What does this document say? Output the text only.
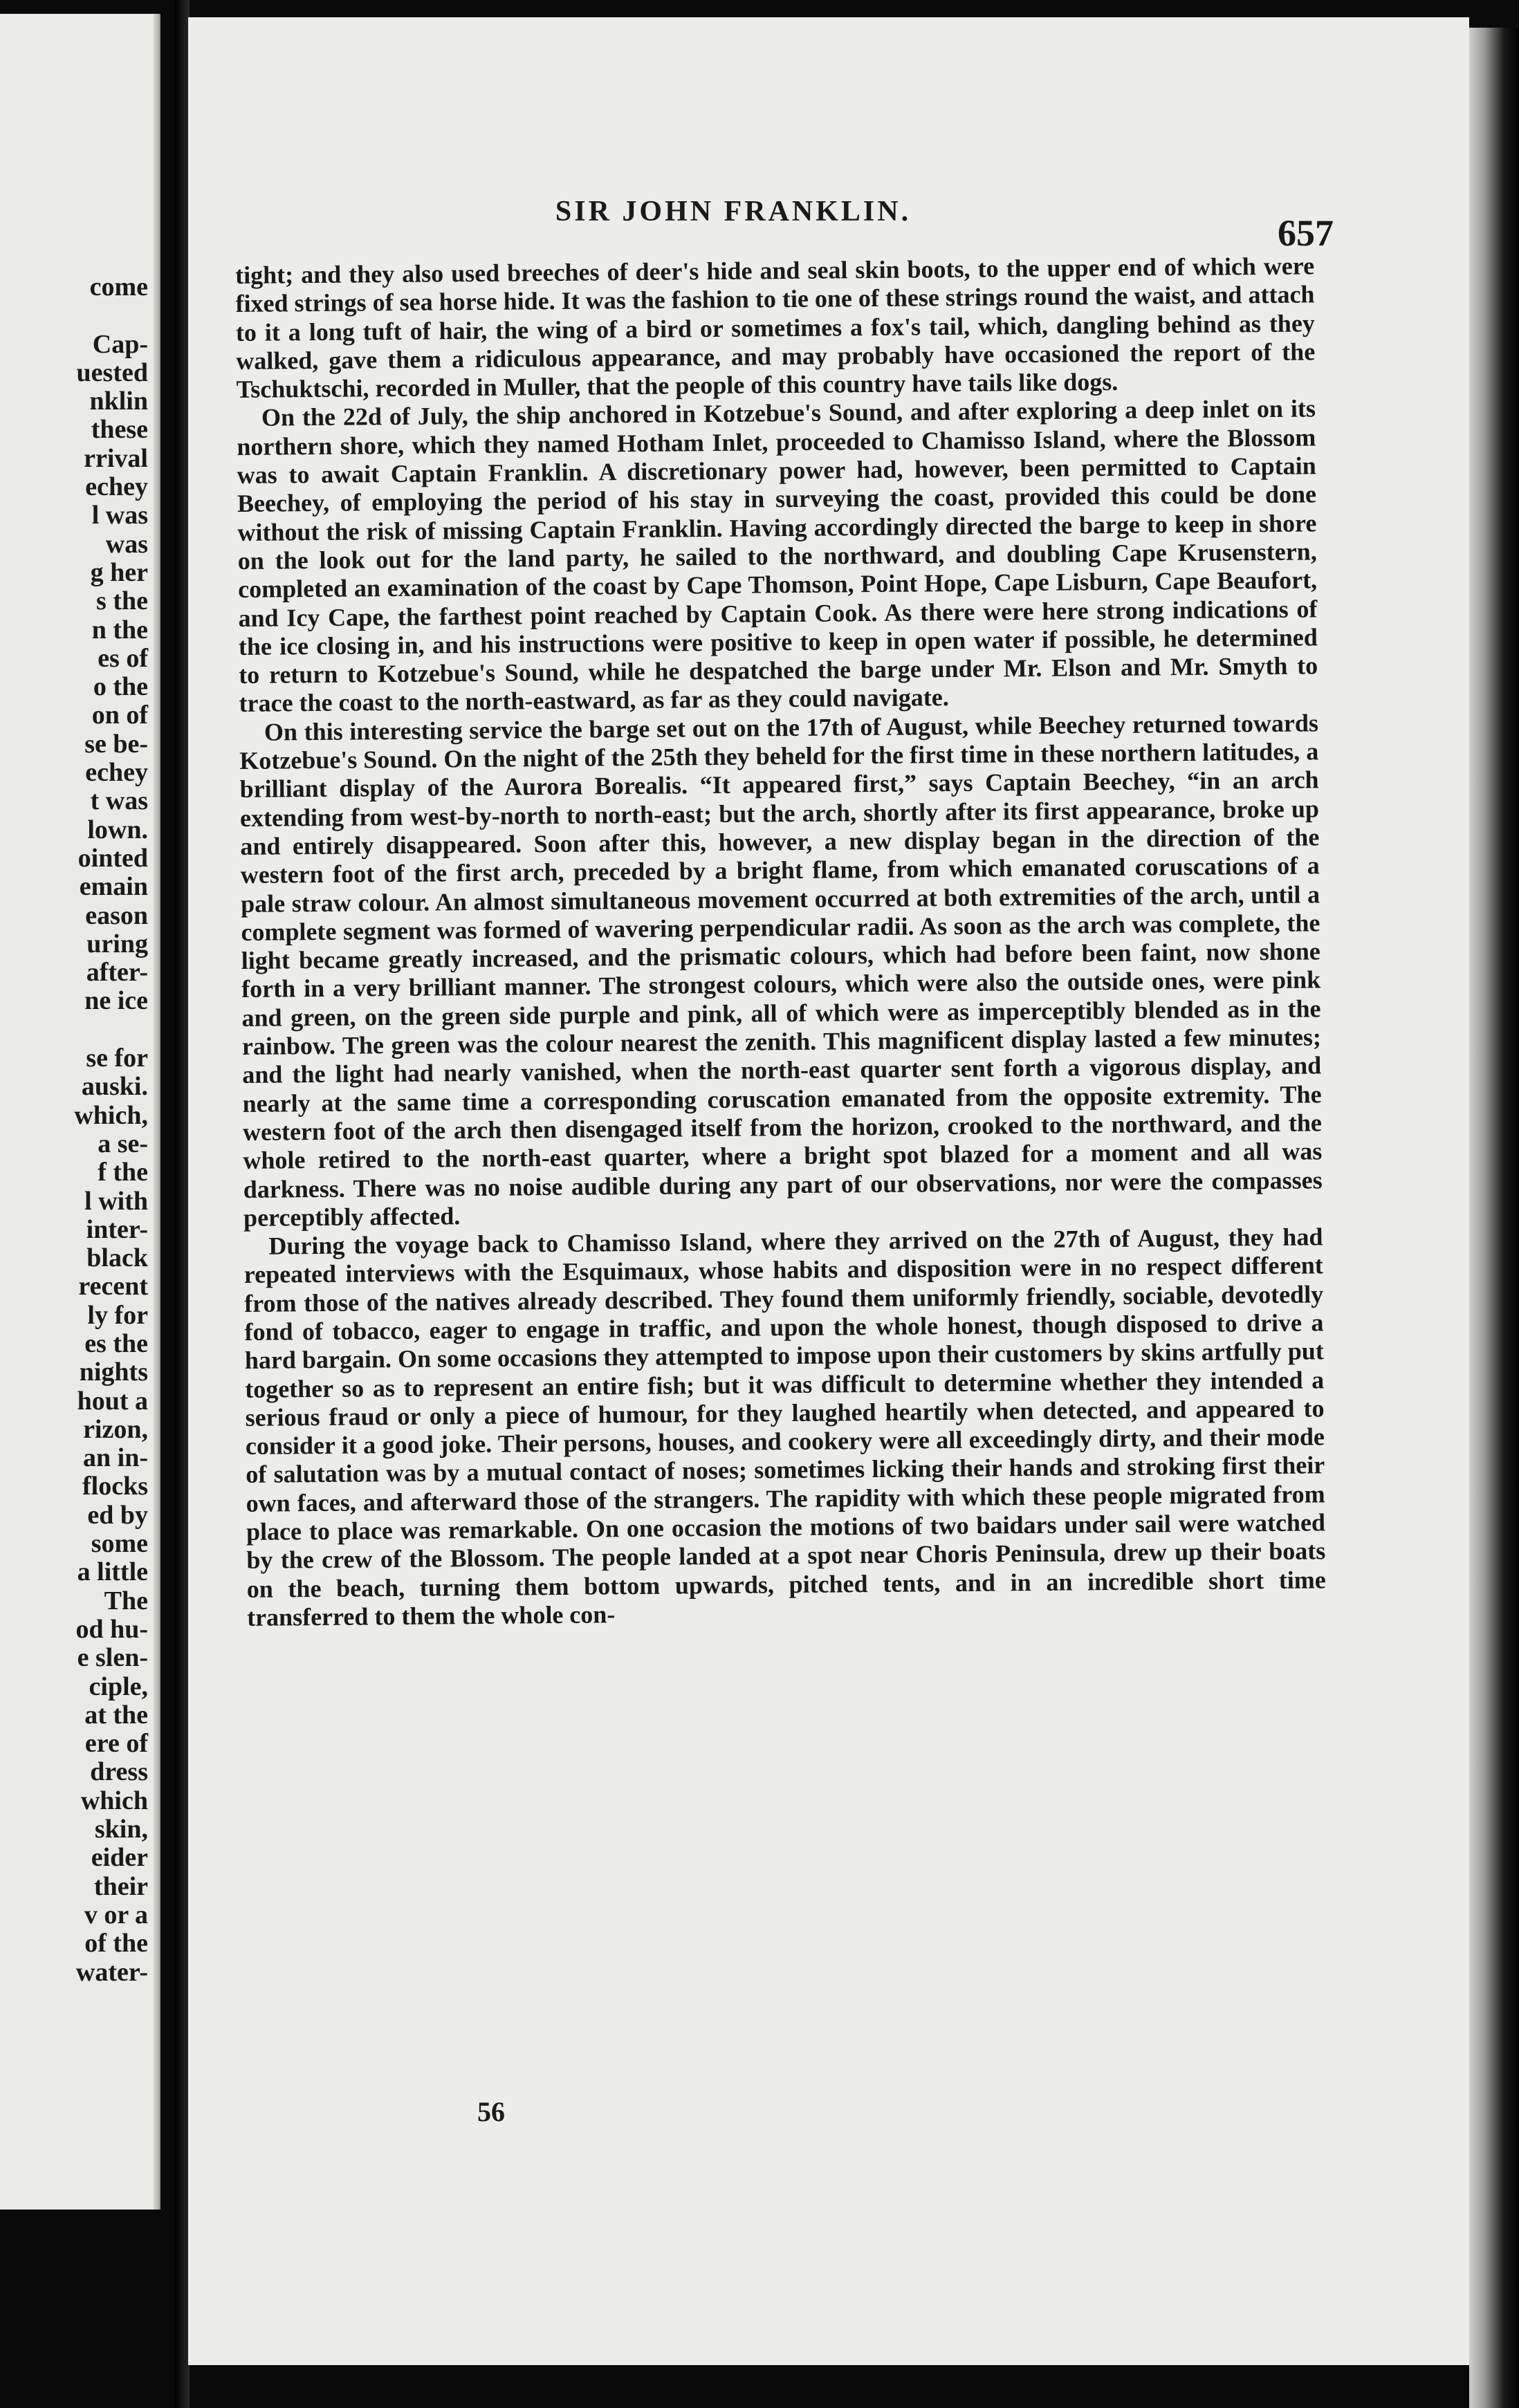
come

Cap-
uested
nklin
these
rrival
echey
l was
was
g her
s the
n the
es of
o the
on of
se be-
echey
t was
lown.
ointed
emain
eason
uring
after-
ne ice

se for
auski.
which,
a se-
f the
l with
inter-
black
recent
ly for
es the
nights
hout a
rizon,
an in-
flocks
ed by
some
a little
The
od hu-
e slen-
ciple,
at the
ere of
dress
which
skin,
eider
their
v or a
of the
water-
SIR JOHN FRANKLIN.
657

tight; and they also used breeches of deer's hide and seal skin boots, to the upper end of which were fixed strings of sea horse hide. It was the fashion to tie one of these strings round the waist, and attach to it a long tuft of hair, the wing of a bird or sometimes a fox's tail, which, dangling behind as they walked, gave them a ridiculous appearance, and may probably have occasioned the report of the Tschuktschi, recorded in Muller, that the people of this country have tails like dogs.

On the 22d of July, the ship anchored in Kotzebue's Sound, and after exploring a deep inlet on its northern shore, which they named Hotham Inlet, proceeded to Chamisso Island, where the Blossom was to await Captain Franklin. A discretionary power had, however, been permitted to Captain Beechey, of employing the period of his stay in surveying the coast, provided this could be done without the risk of missing Captain Franklin. Having accordingly directed the barge to keep in shore on the look out for the land party, he sailed to the northward, and doubling Cape Krusenstern, completed an examination of the coast by Cape Thomson, Point Hope, Cape Lisburn, Cape Beaufort, and Icy Cape, the farthest point reached by Captain Cook. As there were here strong indications of the ice closing in, and his instructions were positive to keep in open water if possible, he determined to return to Kotzebue's Sound, while he despatched the barge under Mr. Elson and Mr. Smyth to trace the coast to the north-eastward, as far as they could navigate.

On this interesting service the barge set out on the 17th of August, while Beechey returned towards Kotzebue's Sound. On the night of the 25th they beheld for the first time in these northern latitudes, a brilliant display of the Aurora Borealis. “It appeared first,” says Captain Beechey, “in an arch extending from west-by-north to north-east; but the arch, shortly after its first appearance, broke up and entirely disappeared. Soon after this, however, a new display began in the direction of the western foot of the first arch, preceded by a bright flame, from which emanated coruscations of a pale straw colour. An almost simultaneous movement occurred at both extremities of the arch, until a complete segment was formed of wavering perpendicular radii. As soon as the arch was complete, the light became greatly increased, and the prismatic colours, which had before been faint, now shone forth in a very brilliant manner. The strongest colours, which were also the outside ones, were pink and green, on the green side purple and pink, all of which were as imperceptibly blended as in the rainbow. The green was the colour nearest the zenith. This magnificent display lasted a few minutes; and the light had nearly vanished, when the north-east quarter sent forth a vigorous display, and nearly at the same time a corresponding coruscation emanated from the opposite extremity. The western foot of the arch then disengaged itself from the horizon, crooked to the northward, and the whole retired to the north-east quarter, where a bright spot blazed for a moment and all was darkness. There was no noise audible during any part of our observations, nor were the compasses perceptibly affected.

During the voyage back to Chamisso Island, where they arrived on the 27th of August, they had repeated interviews with the Esquimaux, whose habits and disposition were in no respect different from those of the natives already described. They found them uniformly friendly, sociable, devotedly fond of tobacco, eager to engage in traffic, and upon the whole honest, though disposed to drive a hard bargain. On some occasions they attempted to impose upon their customers by skins artfully put together so as to represent an entire fish; but it was difficult to determine whether they intended a serious fraud or only a piece of humour, for they laughed heartily when detected, and appeared to consider it a good joke. Their persons, houses, and cookery were all exceedingly dirty, and their mode of salutation was by a mutual contact of noses; sometimes licking their hands and stroking first their own faces, and afterward those of the strangers. The rapidity with which these people migrated from place to place was remarkable. On one occasion the motions of two baidars under sail were watched by the crew of the Blossom. The people landed at a spot near Choris Peninsula, drew up their boats on the beach, turning them bottom upwards, pitched tents, and in an incredible short time transferred to them the whole con-

56
